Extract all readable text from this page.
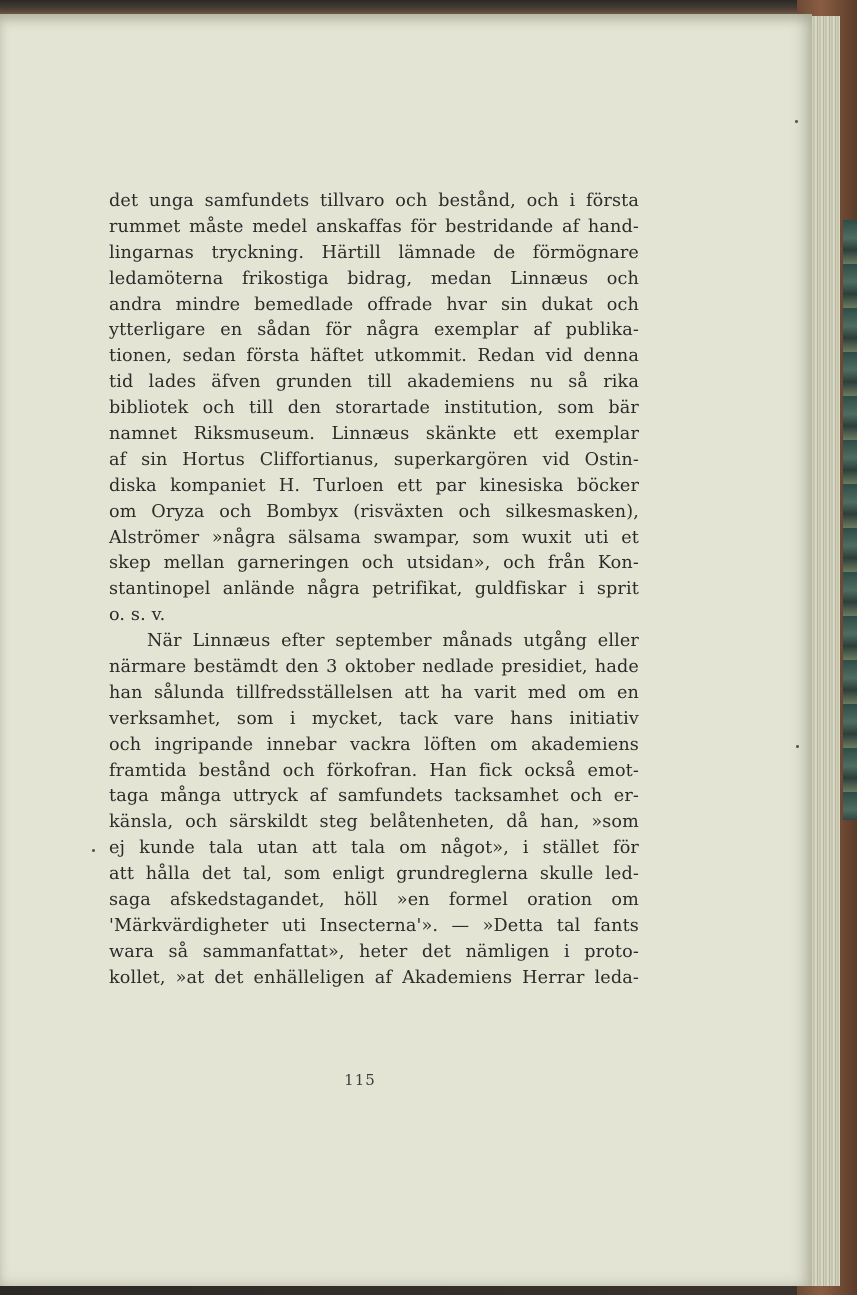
det unga samfundets tillvaro och bestånd, och i första
rummet måste medel anskaffas för bestridande af hand-
lingarnas tryckning. Härtill lämnade de förmögnare
ledamöterna frikostiga bidrag, medan Linnæus och
andra mindre bemedlade offrade hvar sin dukat och
ytterligare en sådan för några exemplar af publika-
tionen, sedan första häftet utkommit. Redan vid denna
tid lades äfven grunden till akademiens nu så rika
bibliotek och till den storartade institution, som bär
namnet Riksmuseum. Linnæus skänkte ett exemplar
af sin Hortus Cliffortianus, superkargören vid Ostin-
diska kompaniet H. Turloen ett par kinesiska böcker
om Oryza och Bombyx (risväxten och silkesmasken),
Alströmer »några sälsama swampar, som wuxit uti et
skep mellan garneringen och utsidan», och från Kon-
stantinopel anlände några petrifikat, guldfiskar i sprit
o. s. v.
När Linnæus efter september månads utgång eller
närmare bestämdt den 3 oktober nedlade presidiet, hade
han sålunda tillfredsställelsen att ha varit med om en
verksamhet, som i mycket, tack vare hans initiativ
och ingripande innebar vackra löften om akademiens
framtida bestånd och förkofran. Han fick också emot-
taga många uttryck af samfundets tacksamhet och er-
känsla, och särskildt steg belåtenheten, då han, »som
ej kunde tala utan att tala om något», i stället för
att hålla det tal, som enligt grundreglerna skulle led-
saga afskedstagandet, höll »en formel oration om
'Märkvärdigheter uti Insecterna'». — »Detta tal fants
wara så sammanfattat», heter det nämligen i proto-
kollet, »at det enhälleligen af Akademiens Herrar leda-
115
